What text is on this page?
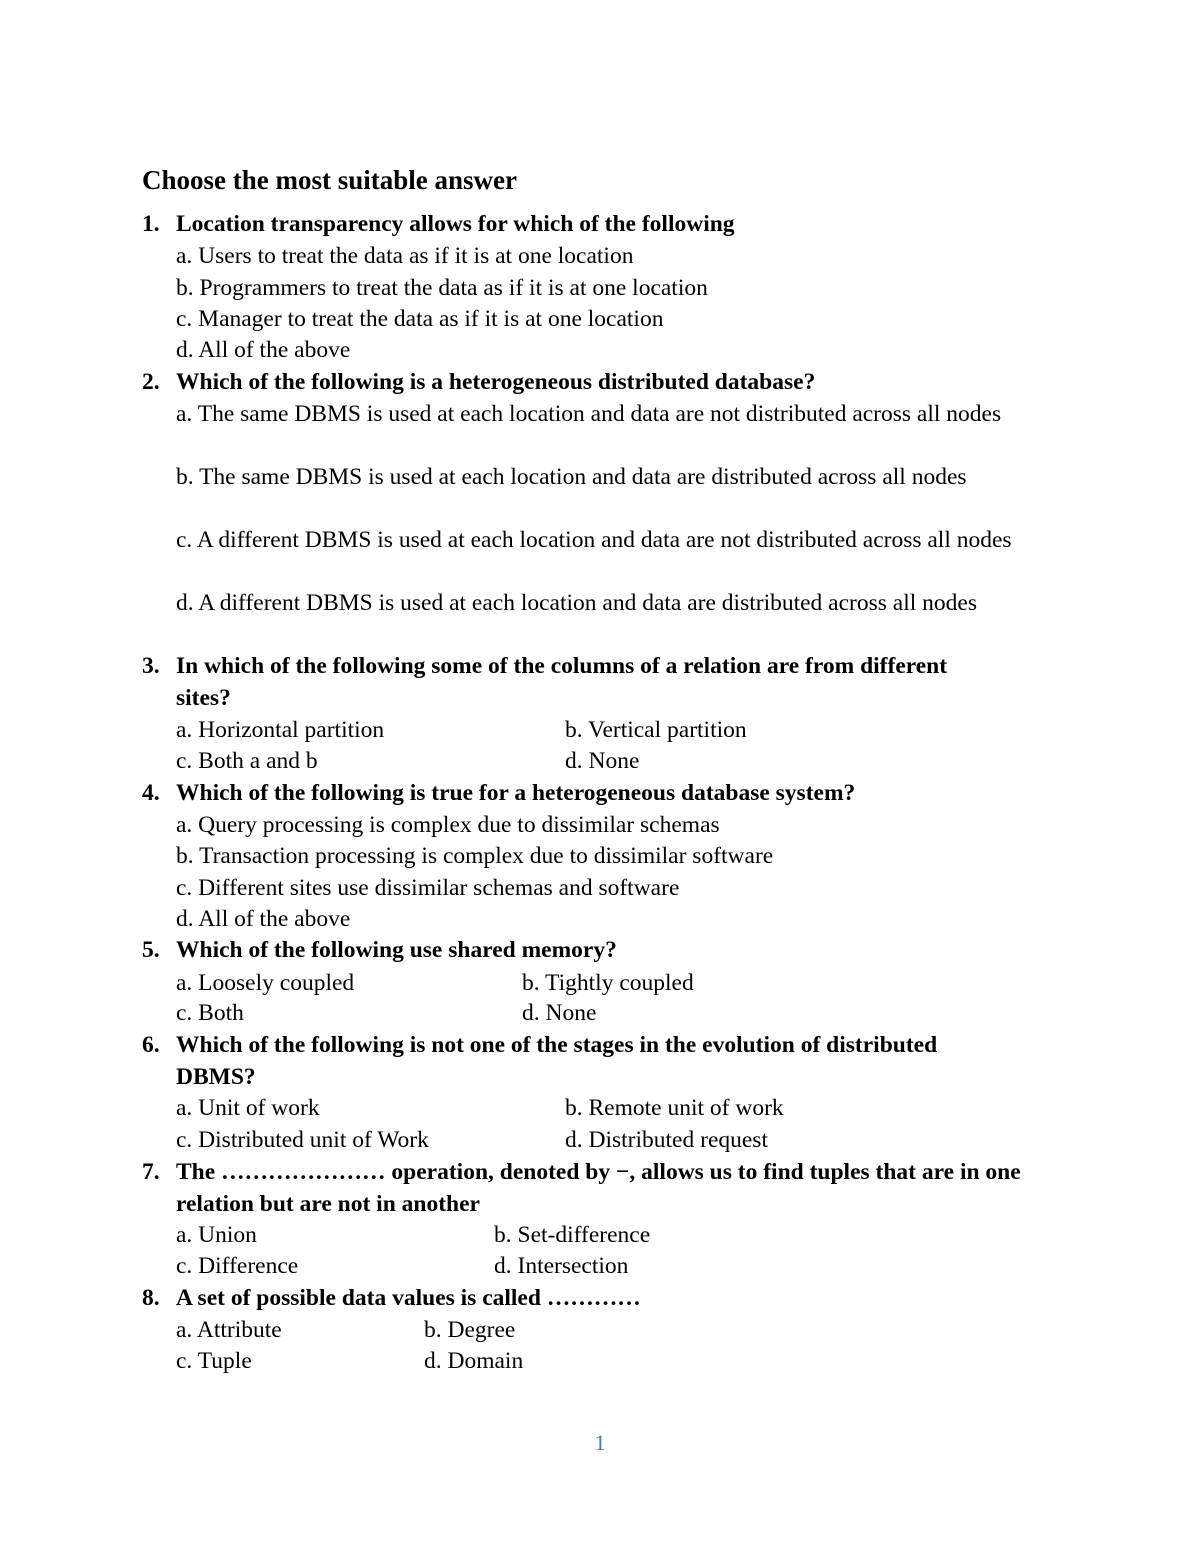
Choose the most suitable answer
1. Location transparency allows for which of the following
a. Users to treat the data as if it is at one location
b. Programmers to treat the data as if it is at one location
c. Manager to treat the data as if it is at one location
d. All of the above
2. Which of the following is a heterogeneous distributed database?
a. The same DBMS is used at each location and data are not distributed across all nodes
b. The same DBMS is used at each location and data are distributed across all nodes
c. A different DBMS is used at each location and data are not distributed across all nodes
d. A different DBMS is used at each location and data are distributed across all nodes
3. In which of the following some of the columns of a relation are from different sites?
a. Horizontal partition	b. Vertical partition
c. Both a and b	d. None
4. Which of the following is true for a heterogeneous database system?
a. Query processing is complex due to dissimilar schemas
b. Transaction processing is complex due to dissimilar software
c. Different sites use dissimilar schemas and software
d. All of the above
5. Which of the following use shared memory?
a. Loosely coupled	b. Tightly coupled
c. Both	d. None
6. Which of the following is not one of the stages in the evolution of distributed DBMS?
a. Unit of work	b. Remote unit of work
c. Distributed unit of Work	d. Distributed request
7. The ………………… operation, denoted by −, allows us to find tuples that are in one relation but are not in another
a. Union	b. Set-difference
c. Difference	d. Intersection
8. A set of possible data values is called …………
a. Attribute	b. Degree
c. Tuple	d. Domain
1
